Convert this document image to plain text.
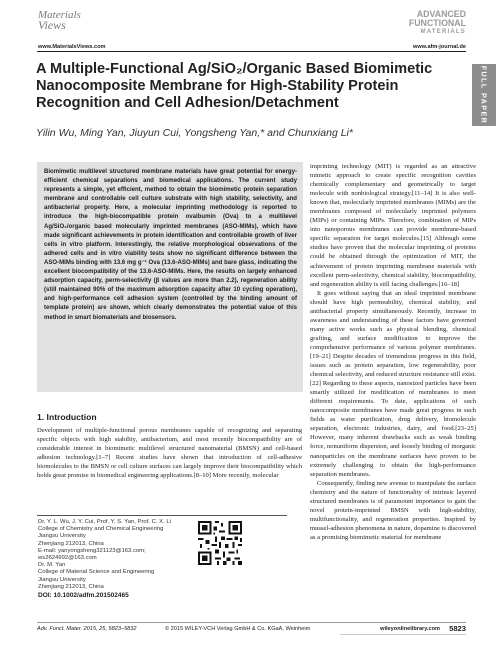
Materials
Views
www.MaterialsViews.com
ADVANCED
FUNCTIONAL
MATERIALS
www.afm-journal.de
FULL PAPER
A Multiple-Functional Ag/SiO₂/Organic Based Biomimetic Nanocomposite Membrane for High-Stability Protein Recognition and Cell Adhesion/Detachment
Yilin Wu, Ming Yan, Jiuyun Cui, Yongsheng Yan,* and Chunxiang Li*

Biomimetic multilevel structured membrane materials have great potential for energy-efficient chemical separations and biomedical applications. The current study represents a simple, yet efficient, method to obtain the biomimetic protein separation membrane and controllable cell culture substrate with high stability, selectivity, and antibacterial property. Here, a molecular imprinting methodology is reported to introduce the high-biocompatible protein ovalbumin (Ova) to a multilevel Ag/SiO₂/organic based molecularly imprinted membranes (ASO-MIMs), which have made significant achievements in protein identification and controllable growth of liver cells in vitro platform. Interestingly, the relative morphological observations of the adhered cells and in vitro viability tests show no significant difference between the ASO-MIMs binding with 13.6 mg g⁻¹ Ova (13.6-ASO-MIMs) and bare glass, indicating the excellent biocompatibility of the 13.6-ASO-MIMs. Here, the results on largely enhanced adsorption capacity, perm-selectivity (β values are more than 2.2), regeneration ability (still maintained 90% of the maximum adsorption capacity after 10 cycling operation), and high-performance cell adhesion system (controlled by the binding amount of template protein) are shown, which clearly demonstrates the potential value of this method in smart biomaterials and biosensors.

1. Introduction

Development of multiple-functional porous membranes capable of recognizing and separating specific objects with high stability, antibacterium, and most recently biocompatibility are of considerable interest in biomimetic multilevel structured nanomaterial (BMSN) and cell-based adhesion technology.[1–7] Recent studies have shown that introduction of cell-adhesive biomolecules to the BMSN or cell culture surfaces can largely improve their biocompatibility which holds great promise in biomedical engineering applications.[8–10] More recently, molecular

Dr. Y. L. Wu, J. Y. Cui, Prof. Y. S. Yan, Prof. C. X. Li
College of Chemistry and Chemical Engineering
Jiangsu University
Zhenjiang 212013, China
E-mail: yanyongsheng321123@163.com;
ws2624992@163.com
Dr. M. Yan
College of Material Science and Engineering
Jiangsu University
Zhenjiang 212013, China
DOI: 10.1002/adfm.201502465

imprinting technology (MIT) is regarded as an attractive mimetic approach to create specific recognition cavities chemically complementary and geometrically to target molecule with nonbiological strategy.[11–14] It is also well-known that, molecularly imprinted membranes (MIMs) are the membranes composed of molecularly imprinted polymers (MIPs) or containing MIPs. Therefore, combination of MIPs into nanoporous membranes can provide membrane-based specific separation for target molecules.[15] Although some studies have proven that the molecular imprinting of proteins could be obtained through the optimization of MIT, the achievement of protein imprinting membrane materials with excellent perm-selectivity, chemical stability, biocompatibility, and regeneration ability is still facing challenges.[16–18]

It goes without saying that an ideal imprinted membrane should have high permeability, chemical stability, and antibacterial property simultaneously. Recently, increase in awareness and understanding of these factors have governed many active works such as physical blending, chemical grafting, and surface modification to improve the comprehensive performance of various polymer membranes.[19–21] Despite decades of tremendous progress in this field, issues such as protein separation, low regenerability, poor chemical selectivity, and reduced structure resistance still exist.[22] Regarding to these aspects, nanosized particles have been smartly utilized for modification of membranes to meet different requirements. To date, applications of such nanocomposite membranes have made great progress in such fields as water purification, drug delivery, biomolecule separation, electronic industries, dairy, and food.[23–25] However, many inherent drawbacks such as weak binding force, nonuniform dispersion, and loosely binding of inorganic nanoparticles on the membrane surfaces have proven to be extremely challenging to obtain the high-performance separation membranes.

Consequently, finding new avenue to manipulate the surface chemistry and the nature of functionality of intrinsic layered structured membranes is of paramount importance to gain the novel protein-imprinted BMSN with high-stability, multifunctionality, and regeneration properties. Inspired by mussel-adhesion phenomena in nature, dopamine is discovered as a promising biomimetic material for membrane

Adv. Funct. Mater. 2015, 25, 5823–5832	© 2015 WILEY-VCH Verlag GmbH & Co. KGaA, Weinheim	wileyonlinelibrary.com 5823
